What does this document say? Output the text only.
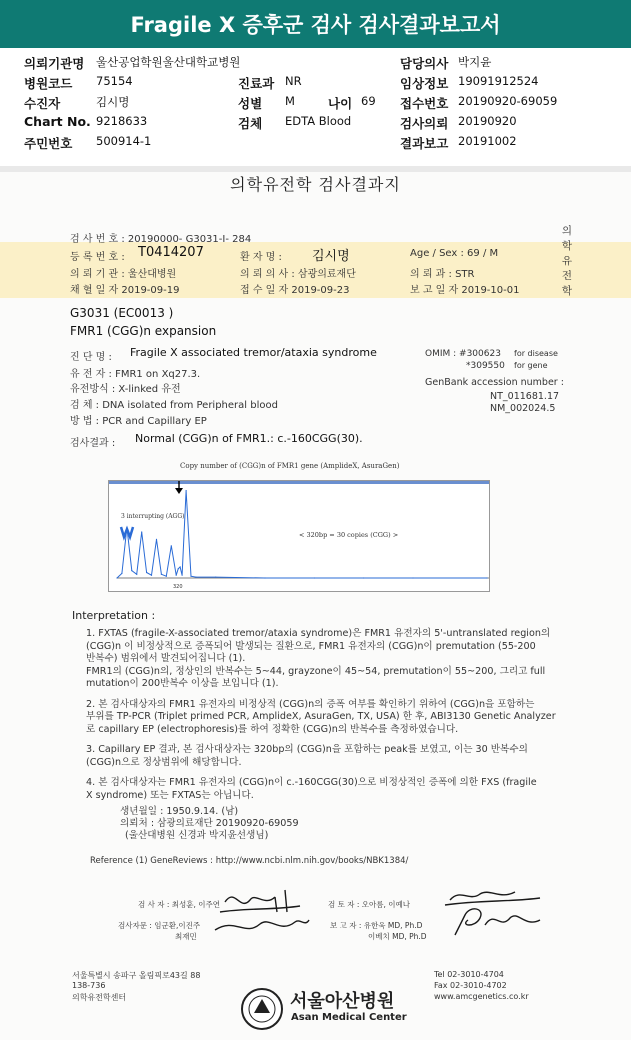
Fragile X 증후군 검사 검사결과보고서
의뢰기관명 울산공업학원울산대학교병원	담당의사 박지윤
병원코드 75154	진료과 NR	임상정보 19091912524
수진자	김시명	성별 M	나이 69 접수번호 20190920-69059
Chart No. 9218633	검체 EDTA Blood	검사의뢰 20190920
주민번호 500914-1	결과보고 20191002
의학유전학 검사결과지
의학유전학
검 사 번 호 : 20190000- G3031-I- 284
등 록 번 호 : T0414207	환 자 명 : 김시명	Age / Sex : 69 / M
의 뢰 기 관 : 울산대병원	의 뢰 의 사 : 삼광의료재단	의 뢰 과 : STR
채 혈 일 자 2019-09-19	접 수 일 자 2019-09-23	보 고 일 자 2019-10-01
G3031 (EC0013 )
FMR1 (CGG)n expansion
진 단 명 : Fragile X associated tremor/ataxia syndrome
유 전 자 : FMR1 on Xq27.3.
유전방식 : X-linked 유전
검 체 : DNA isolated from Peripheral blood
방 법 : PCR and Capillary EP
OMIM : #300623 for disease
*309550 for gene
GenBank accession number :
NT_011681.17
NM_002024.5
검사결과 : Normal (CGG)n of FMR1.: c.-160CGG(30).
Copy number of (CGG)n of FMR1 gene (AmplideX, AsuraGen)
3 interrupting (AGG)
< 320bp = 30 copies (CGG) >
320
Interpretation :
1. FXTAS (fragile-X-associated tremor/ataxia syndrome)은 FMR1 유전자의 5'-untranslated region의
(CGG)n 이 비정상적으로 증폭되어 발생되는 질환으로, FMR1 유전자의 (CGG)n이 premutation (55-200
반복수) 범위에서 발견되어집니다 (1).
FMR1의 (CGG)n의, 정상인의 반복수는 5~44, grayzone이 45~54, premutation이 55~200, 그리고 full
mutation이 200반복수 이상을 보입니다 (1).
2. 본 검사대상자의 FMR1 유전자의 비정상적 (CGG)n의 증폭 여부를 확인하기 위하여 (CGG)n을 포함하는
부위를 TP-PCR (Triplet primed PCR, AmplideX, AsuraGen, TX, USA) 한 후, ABI3130 Genetic Analyzer
로 capillary EP (electrophoresis)를 하여 정확한 (CGG)n의 반복수를 측정하였습니다.
3. Capillary EP 결과, 본 검사대상자는 320bp의 (CGG)n을 포함하는 peak를 보였고, 이는 30 반복수의
(CGG)n으로 정상범위에 해당합니다.
4. 본 검사대상자는 FMR1 유전자의 (CGG)n이 c.-160CGG(30)으로 비정상적인 증폭에 의한 FXS (fragile
X syndrome) 또는 FXTAS는 아닙니다.
생년월일 : 1950.9.14. (남)
의뢰처 : 삼광의료재단 20190920-69059
(울산대병원 신경과 박지윤선생님)
Reference (1) GeneReviews : http://www.ncbi.nlm.nih.gov/books/NBK1384/
검 사 자 : 최성훈, 이주연	검 토 자 : 오아름, 이예나
검사자문 : 임군환,이진주
최재민
보 고 자 : 유한욱 MD, Ph.D
이베치 MD, Ph.D
서울특별시 송파구 올림픽로43길 88
138-736
의학유전학센터	서울아산병원
Asan Medical Center
Tel 02-3010-4704
Fax 02-3010-4702
www.amcgenetics.co.kr
